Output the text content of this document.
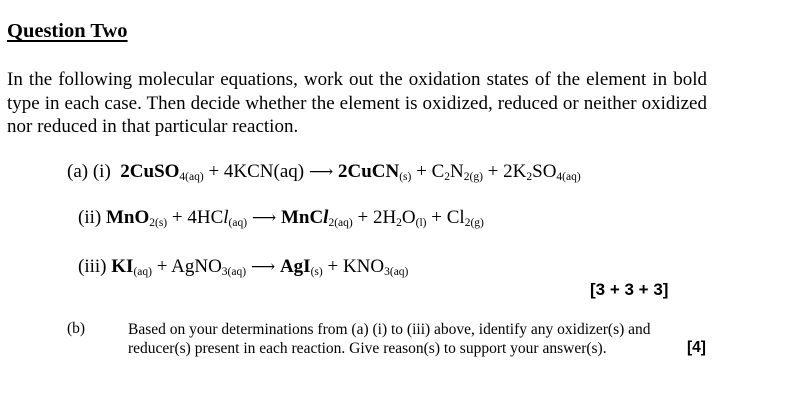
Question Two
In the following molecular equations, work out the oxidation states of the element in bold type in each case. Then decide whether the element is oxidized, reduced or neither oxidized nor reduced in that particular reaction.
(a) (i) 2CuSO$_{4(aq)}$ + 4KCN(aq) ⟶ 2CuCN$_{(s)}$ + $C_2N_{2(g)} + 2K_2SO_{4(aq)}$
(ii) MnO$_{2(s)}$ + 4HCl$_{(aq)}$ ⟶ MnCl$_{2(aq)}$ + $2H_2O_{(l)} + Cl_{2(g)}$
(iii) $KI_{(aq)}$ + AgNO$_{3(aq)}$ ⟶ $AgI_{(s)} + KNO_{3(aq)}$
[3 + 3 + 3]
(b)	Based on your determinations from (a) (i) to (iii) above, identify any oxidizer(s) and reducer(s) present in each reaction. Give reason(s) to support your answer(s).	[4]
